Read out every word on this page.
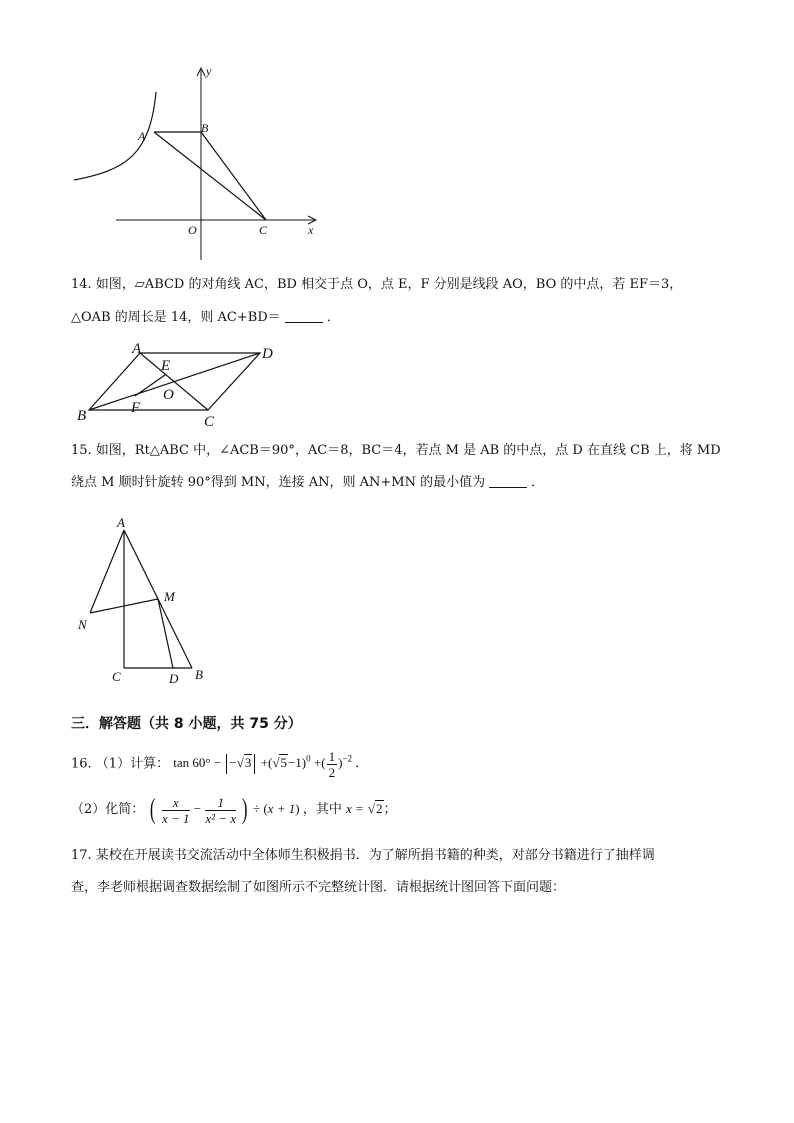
y
x
A
B
O	C
14. 如图，▱ABCD 的对角线 AC，BD 相交于点 O，点 E，F 分别是线段 AO，BO 的中点，若 EF＝3，
△OAB 的周长是 14，则 AC+BD＝	．
A	D
E
O
B	F
C
15. 如图，Rt△ABC 中，∠ACB＝90°，AC＝8，BC＝4，若点 M 是 AB 的中点，点 D 在直线 CB 上，将 MD
绕点 M 顺时针旋转 90°得到 MN，连接 AN，则 AN+MN 的最小值为	．
A
M
N
C	D B
三．解答题（共 8 小题，共 75 分）
16. （1）计算： $\tan 60^\circ - -√3 +(√5-1)^0$ +( $\frac{1}{2} )^{-2}$ ．
（2）化简： ( $\frac{x}{x - 1} - \frac{1}{\text{x² − x}}$ ) ÷ (x + 1) ，其中 x = √2；
17. 某校在开展读书交流活动中全体师生积极捐书．为了解所捐书籍的种类，对部分书籍进行了抽样调
查，李老师根据调查数据绘制了如图所示不完整统计图．请根据统计图回答下面问题：
